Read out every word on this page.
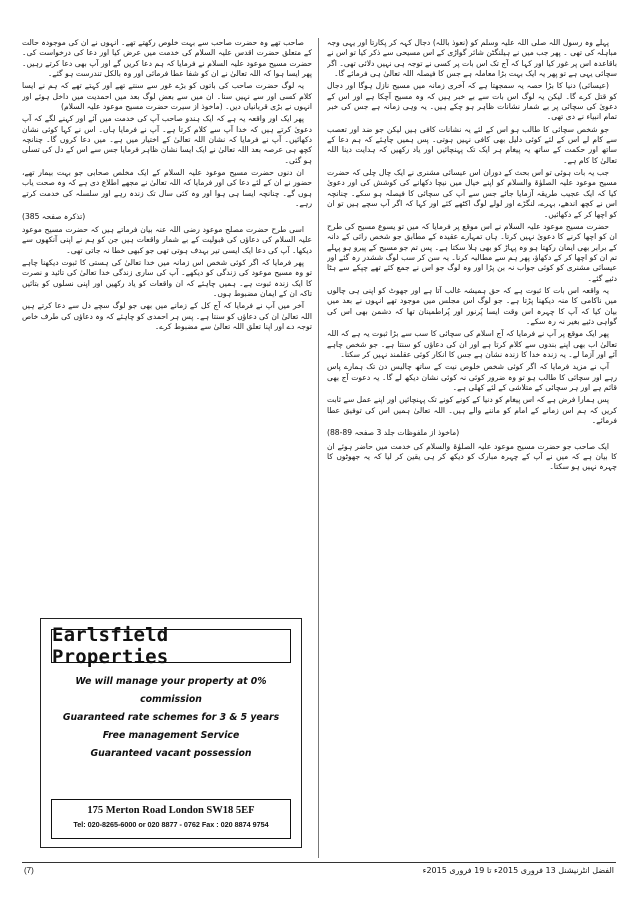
پہلے وہ رسول اللہ صلی اللہ علیہ وسلم کو (نعوذ باللہ) دجال کہہ کر پکارتا اور یہی وجہ مباہلہ کی تھی ۔ پھر جب میں نے ہیلنگٹن شائر گواڑی کے اس مسیحی سے ذکر کیا تو اس نے باقاعدہ اس پر غور کیا اور کہا کہ آج تک اس بات پر کسی نے توجہ ہی نہیں دلائی تھی۔ اگر سچائی یہی ہے تو پھر یہ ایک بہت بڑا معاملہ ہے جس کا فیصلہ اللہ تعالیٰ ہی فرمائے گا۔

(عیسائی) دنیا کا بڑا حصہ یہ سمجھتا ہے کہ آخری زمانہ میں مسیح نازل ہوگا اور دجال کو قتل کرے گا۔ لیکن یہ لوگ اس بات سے بے خبر ہیں کہ وہ مسیح آچکا ہے اور اس کے دعویٰ کی سچائی پر بے شمار نشانات ظاہر ہو چکے ہیں۔ یہ وہی زمانہ ہے جس کی خبر تمام انبیاء نے دی تھی۔

جو شخص سچائی کا طالب ہو اس کے لئے یہ نشانات کافی ہیں لیکن جو ضد اور تعصب سے کام لے اس کے لئے کوئی دلیل بھی کافی نہیں ہوتی۔ پس ہمیں چاہئے کہ ہم دعا کے ساتھ اور حکمت کے ساتھ یہ پیغام ہر ایک تک پہنچائیں اور یاد رکھیں کہ ہدایت دینا اللہ تعالیٰ کا کام ہے۔

جب یہ بات ہوئی تو اس بحث کے دوران اس عیسائی مشنری نے ایک چال چلی کہ حضرت مسیح موعود علیہ الصلوٰۃ والسلام کو اپنے خیال میں نیچا دکھانے کی کوشش کی اور دعویٰ کیا کہ ایک عجیب طریقہ آزمایا جائے جس سے آپ کی سچائی کا فیصلہ ہو سکے۔ چنانچہ اس نے کچھ اندھے، بہرے، لنگڑے اور لولے لوگ اکٹھے کئے اور کہا کہ اگر آپ سچے ہیں تو ان کو اچھا کر کے دکھائیں۔

حضرت مسیح موعود علیہ السلام نے اس موقع پر فرمایا کہ میں تو یسوع مسیح کی طرح ان کو اچھا کرنے کا دعویٰ نہیں کرتا۔ ہاں تمہارے عقیدہ کے مطابق جو شخص رائی کے دانہ کے برابر بھی ایمان رکھتا ہو وہ پہاڑ کو بھی ہلا سکتا ہے۔ پس تم جو مسیح کے پیرو ہو پہلے تم ان کو اچھا کر کے دکھاؤ، پھر ہم سے مطالبہ کرنا۔ یہ سن کر سب لوگ ششدر رہ گئے اور عیسائی مشنری کو کوئی جواب نہ بن پڑا اور وہ لوگ جو اس نے جمع کئے تھے چپکے سے ہٹا دئیے گئے۔

یہ واقعہ اس بات کا ثبوت ہے کہ حق ہمیشہ غالب آتا ہے اور جھوٹ کو اپنی ہی چالوں میں ناکامی کا منہ دیکھنا پڑتا ہے۔ جو لوگ اس مجلس میں موجود تھے انہوں نے بعد میں بیان کیا کہ آپ کا چہرہ اس وقت ایسا پُرنور اور پُراطمینان تھا کہ دشمن بھی اس کی گواہی دئیے بغیر نہ رہ سکے۔

پھر ایک موقع پر آپ نے فرمایا کہ آج اسلام کی سچائی کا سب سے بڑا ثبوت یہ ہے کہ اللہ تعالیٰ اب بھی اپنے بندوں سے کلام کرتا ہے اور ان کی دعاؤں کو سنتا ہے۔ جو شخص چاہے آئے اور آزما لے۔ یہ زندہ خدا کا زندہ نشان ہے جس کا انکار کوئی عقلمند نہیں کر سکتا۔

آپ نے مزید فرمایا کہ اگر کوئی شخص خلوص نیت کے ساتھ چالیس دن تک ہمارے پاس رہے اور سچائی کا طالب ہو تو وہ ضرور کوئی نہ کوئی نشان دیکھ لے گا۔ یہ دعوت آج بھی قائم ہے اور ہر سچائی کے متلاشی کے لئے کھلی ہے۔

پس ہمارا فرض ہے کہ اس پیغام کو دنیا کے کونے کونے تک پہنچائیں اور اپنے عمل سے ثابت کریں کہ ہم اس زمانے کے امام کو ماننے والے ہیں۔ اللہ تعالیٰ ہمیں اس کی توفیق عطا فرمائے۔

(ماخوذ از ملفوظات جلد 3 صفحہ 89-88)

ایک صاحب جو حضرت مسیح موعود علیہ الصلوٰۃ والسلام کی خدمت میں حاضر ہوئے ان کا بیان ہے کہ میں نے آپ کے چہرہ مبارک کو دیکھ کر ہی یقین کر لیا کہ یہ جھوٹوں کا چہرہ نہیں ہو سکتا۔

صاحب تھے وہ حضرت صاحب سے بہت خلوص رکھتے تھے۔ انہوں نے ان کی موجودہ حالت کے متعلق حضرت اقدس علیہ السلام کی خدمت میں عرض کیا اور دعا کی درخواست کی۔ حضرت مسیح موعود علیہ السلام نے فرمایا کہ ہم دعا کریں گے اور آپ بھی دعا کرتے رہیں۔ پھر ایسا ہوا کہ اللہ تعالیٰ نے ان کو شفا عطا فرمائی اور وہ بالکل تندرست ہو گئے۔

یہ لوگ حضرت صاحب کی باتوں کو بڑے غور سے سنتے تھے اور کہتے تھے کہ ہم نے ایسا کلام کسی اور سے نہیں سنا۔ ان میں سے بعض لوگ بعد میں احمدیت میں داخل ہوئے اور انہوں نے بڑی قربانیاں دیں۔ (ماخوذ از سیرت حضرت مسیح موعود علیہ السلام)

پھر ایک اور واقعہ یہ ہے کہ ایک ہندو صاحب آپ کی خدمت میں آئے اور کہنے لگے کہ آپ دعویٰ کرتے ہیں کہ خدا آپ سے کلام کرتا ہے۔ آپ نے فرمایا ہاں۔ اس نے کہا کوئی نشان دکھائیں۔ آپ نے فرمایا کہ نشان اللہ تعالیٰ کے اختیار میں ہے۔ میں دعا کروں گا۔ چنانچہ کچھ ہی عرصہ بعد اللہ تعالیٰ نے ایک ایسا نشان ظاہر فرمایا جس سے اس کے دل کی تسلی ہو گئی۔

ان دنوں حضرت مسیح موعود علیہ السلام کے ایک مخلص صحابی جو بہت بیمار تھے، حضور نے ان کے لئے دعا کی اور فرمایا کہ اللہ تعالیٰ نے مجھے اطلاع دی ہے کہ وہ صحت یاب ہوں گے۔ چنانچہ ایسا ہی ہوا اور وہ کئی سال تک زندہ رہے اور سلسلہ کی خدمت کرتے رہے۔

(تذکرہ صفحہ 385)

اسی طرح حضرت مصلح موعود رضی اللہ عنہ بیان فرماتے ہیں کہ حضرت مسیح موعود علیہ السلام کی دعاؤں کی قبولیت کے بے شمار واقعات ہیں جن کو ہم نے اپنی آنکھوں سے دیکھا۔ آپ کی دعا ایک ایسی تیر بہدف ہوتی تھی جو کبھی خطا نہ جاتی تھی۔

پھر فرمایا کہ اگر کوئی شخص اس زمانہ میں خدا تعالیٰ کی ہستی کا ثبوت دیکھنا چاہے تو وہ مسیح موعود کی زندگی کو دیکھے۔ آپ کی ساری زندگی خدا تعالیٰ کی تائید و نصرت کا ایک زندہ ثبوت ہے۔ ہمیں چاہئے کہ ان واقعات کو یاد رکھیں اور اپنی نسلوں کو بتائیں تاکہ ان کے ایمان مضبوط ہوں۔

آخر میں آپ نے فرمایا کہ آج کل کے زمانے میں بھی جو لوگ سچے دل سے دعا کرتے ہیں اللہ تعالیٰ ان کی دعاؤں کو سنتا ہے۔ پس ہر احمدی کو چاہئے کہ وہ دعاؤں کی طرف خاص توجہ دے اور اپنا تعلق اللہ تعالیٰ سے مضبوط کرے۔

Earlsfield Properties
We will manage your property at 0% commission
Guaranteed rate schemes for 3 & 5 years
Free management Service
Guaranteed vacant possession
175 Merton Road London SW18 5EF
Tel: 020-8265-6000 or 020 8877 - 0762 Fax : 020 8874 9754
(7)	الفضل انٹرنیشنل 13 فروری 2015ء تا 19 فروری 2015ء
